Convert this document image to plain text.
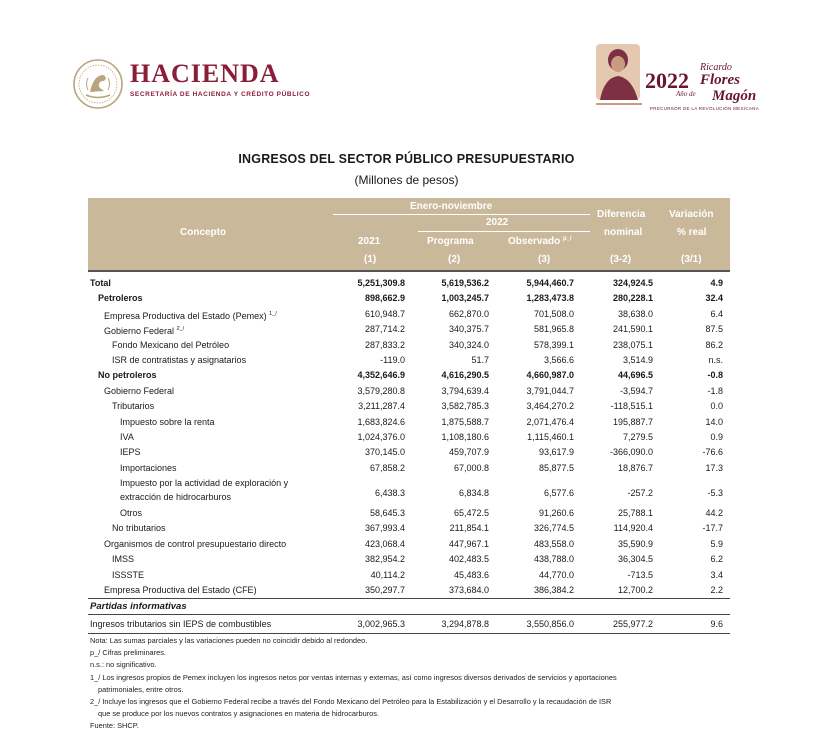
HACIENDA
SECRETARÍA DE HACIENDA Y CRÉDITO PÚBLICO
2022
Ricardo
Flores
Año de Magón
PRECURSOR DE LA REVOLUCIÓN MEXICANA
INGRESOS DEL SECTOR PÚBLICO PRESUPUESTARIO
(Millones de pesos)
Concepto
Enero-noviembre
2022
2021
(1)
Programa
(2)
Observado $^{p\_/}$
(3)
Diferencia
nominal
(3-2)
Variación
% real
(3/1)
Total	5,251,309.8	5,619,536.2	5,944,460.7	324,924.5	4.9
Petroleros	898,662.9	1,003,245.7	1,283,473.8	280,228.1	32.4
Empresa Productiva del Estado (Pemex) $^{1\_/}$	610,948.7	662,870.0	701,508.0	38,638.0	6.4
Gobierno Federal $^{2\_/}$	287,714.2	340,375.7	581,965.8	241,590.1	87.5
Fondo Mexicano del Petróleo	287,833.2	340,324.0	578,399.1	238,075.1	86.2
ISR de contratistas y asignatarios	-119.0	51.7	3,566.6	3,514.9	n.s.
No petroleros	4,352,646.9	4,616,290.5	4,660,987.0	44,696.5	-0.8
Gobierno Federal	3,579,280.8	3,794,639.4	3,791,044.7	-3,594.7	-1.8
Tributarios	3,211,287.4	3,582,785.3	3,464,270.2	-118,515.1	0.0
Impuesto sobre la renta	1,683,824.6	1,875,588.7	2,071,476.4	195,887.7	14.0
IVA	1,024,376.0	1,108,180.6	1,115,460.1	7,279.5	0.9
IEPS	370,145.0	459,707.9	93,617.9	-366,090.0	-76.6
Importaciones	67,858.2	67,000.8	85,877.5	18,876.7	17.3
Impuesto por la actividad de exploración y
extracción de hidrocarburos	6,438.3	6,834.8	6,577.6	-257.2	-5.3
Otros	58,645.3	65,472.5	91,260.6	25,788.1	44.2
No tributarios	367,993.4	211,854.1	326,774.5	114,920.4	-17.7
Organismos de control presupuestario directo	423,068.4	447,967.1	483,558.0	35,590.9	5.9
IMSS	382,954.2	402,483.5	438,788.0	36,304.5	6.2
ISSSTE	40,114.2	45,483.6	44,770.0	-713.5	3.4
Empresa Productiva del Estado (CFE)	350,297.7	373,684.0	386,384.2	12,700.2	2.2
Partidas informativas
Ingresos tributarios sin IEPS de combustibles	3,002,965.3	3,294,878.8	3,550,856.0	255,977.2	9.6
Nota: Las sumas parciales y las variaciones pueden no coincidir debido al redondeo.
p_/ Cifras preliminares.
n.s.: no significativo.
1_/ Los ingresos propios de Pemex incluyen los ingresos netos por ventas internas y externas, así como ingresos diversos derivados de servicios y aportaciones
patrimoniales, entre otros.
2_/ Incluye los ingresos que el Gobierno Federal recibe a través del Fondo Mexicano del Petróleo para la Estabilización y el Desarrollo y la recaudación de ISR
que se produce por los nuevos contratos y asignaciones en materia de hidrocarburos.
Fuente: SHCP.
